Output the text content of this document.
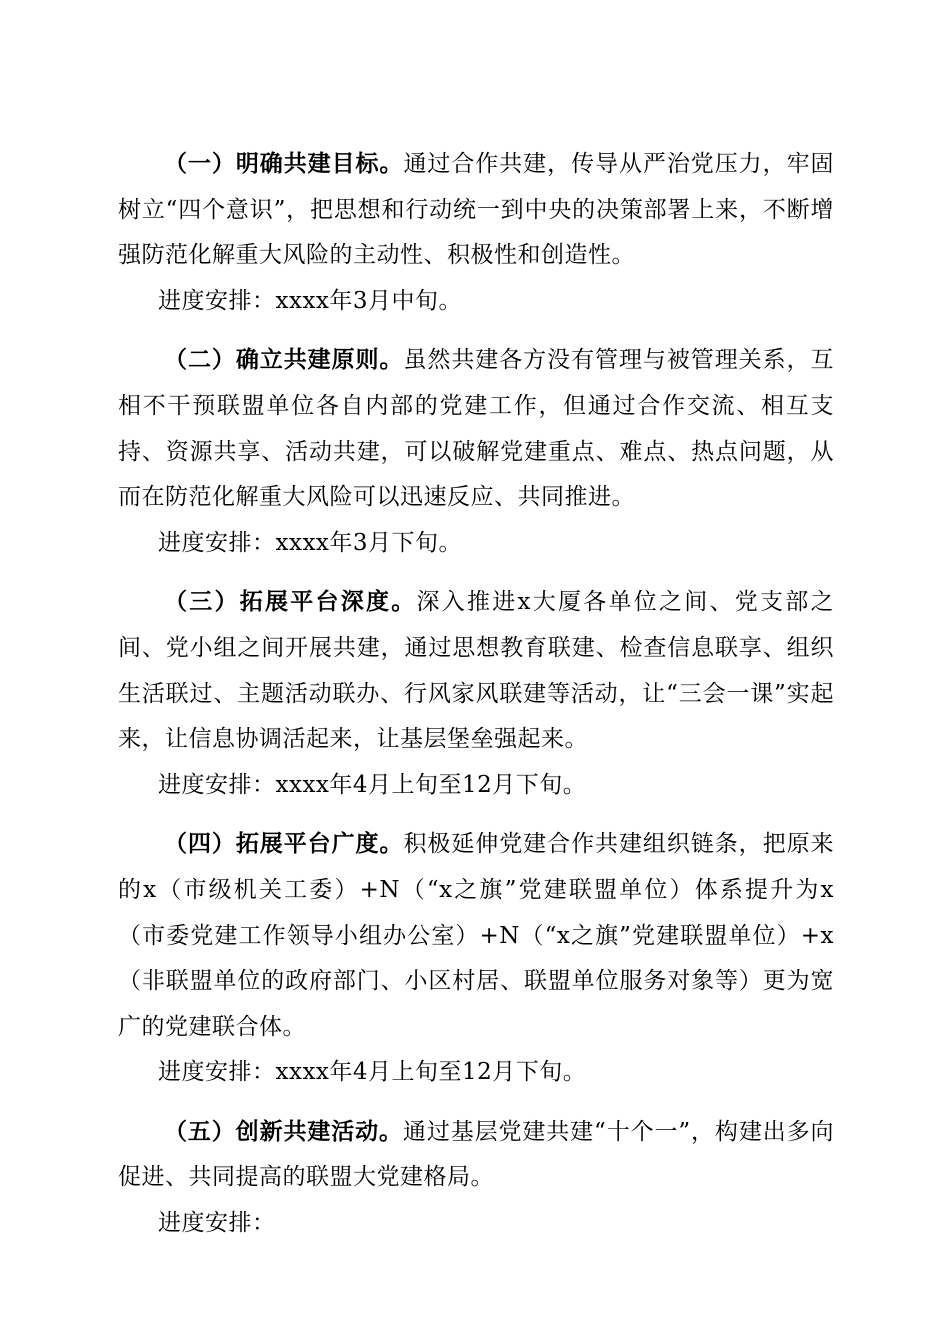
（一）明确共建目标。通过合作共建，传导从严治党压力，牢固树立“四个意识”，把思想和行动统一到中央的决策部署上来，不断增强防范化解重大风险的主动性、积极性和创造性。

进度安排：xxxx年3月中旬。

（二）确立共建原则。虽然共建各方没有管理与被管理关系，互相不干预联盟单位各自内部的党建工作，但通过合作交流、相互支持、资源共享、活动共建，可以破解党建重点、难点、热点问题，从而在防范化解重大风险可以迅速反应、共同推进。

进度安排：xxxx年3月下旬。

（三）拓展平台深度。深入推进x大厦各单位之间、党支部之间、党小组之间开展共建，通过思想教育联建、检查信息联享、组织生活联过、主题活动联办、行风家风联建等活动，让“三会一课”实起来，让信息协调活起来，让基层堡垒强起来。

进度安排：xxxx年4月上旬至12月下旬。

（四）拓展平台广度。积极延伸党建合作共建组织链条，把原来的x（市级机关工委）+N（“x之旗”党建联盟单位）体系提升为x（市委党建工作领导小组办公室）+N（“x之旗”党建联盟单位）+x（非联盟单位的政府部门、小区村居、联盟单位服务对象等）更为宽广的党建联合体。

进度安排：xxxx年4月上旬至12月下旬。

（五）创新共建活动。通过基层党建共建“十个一”，构建出多向促进、共同提高的联盟大党建格局。

进度安排：
